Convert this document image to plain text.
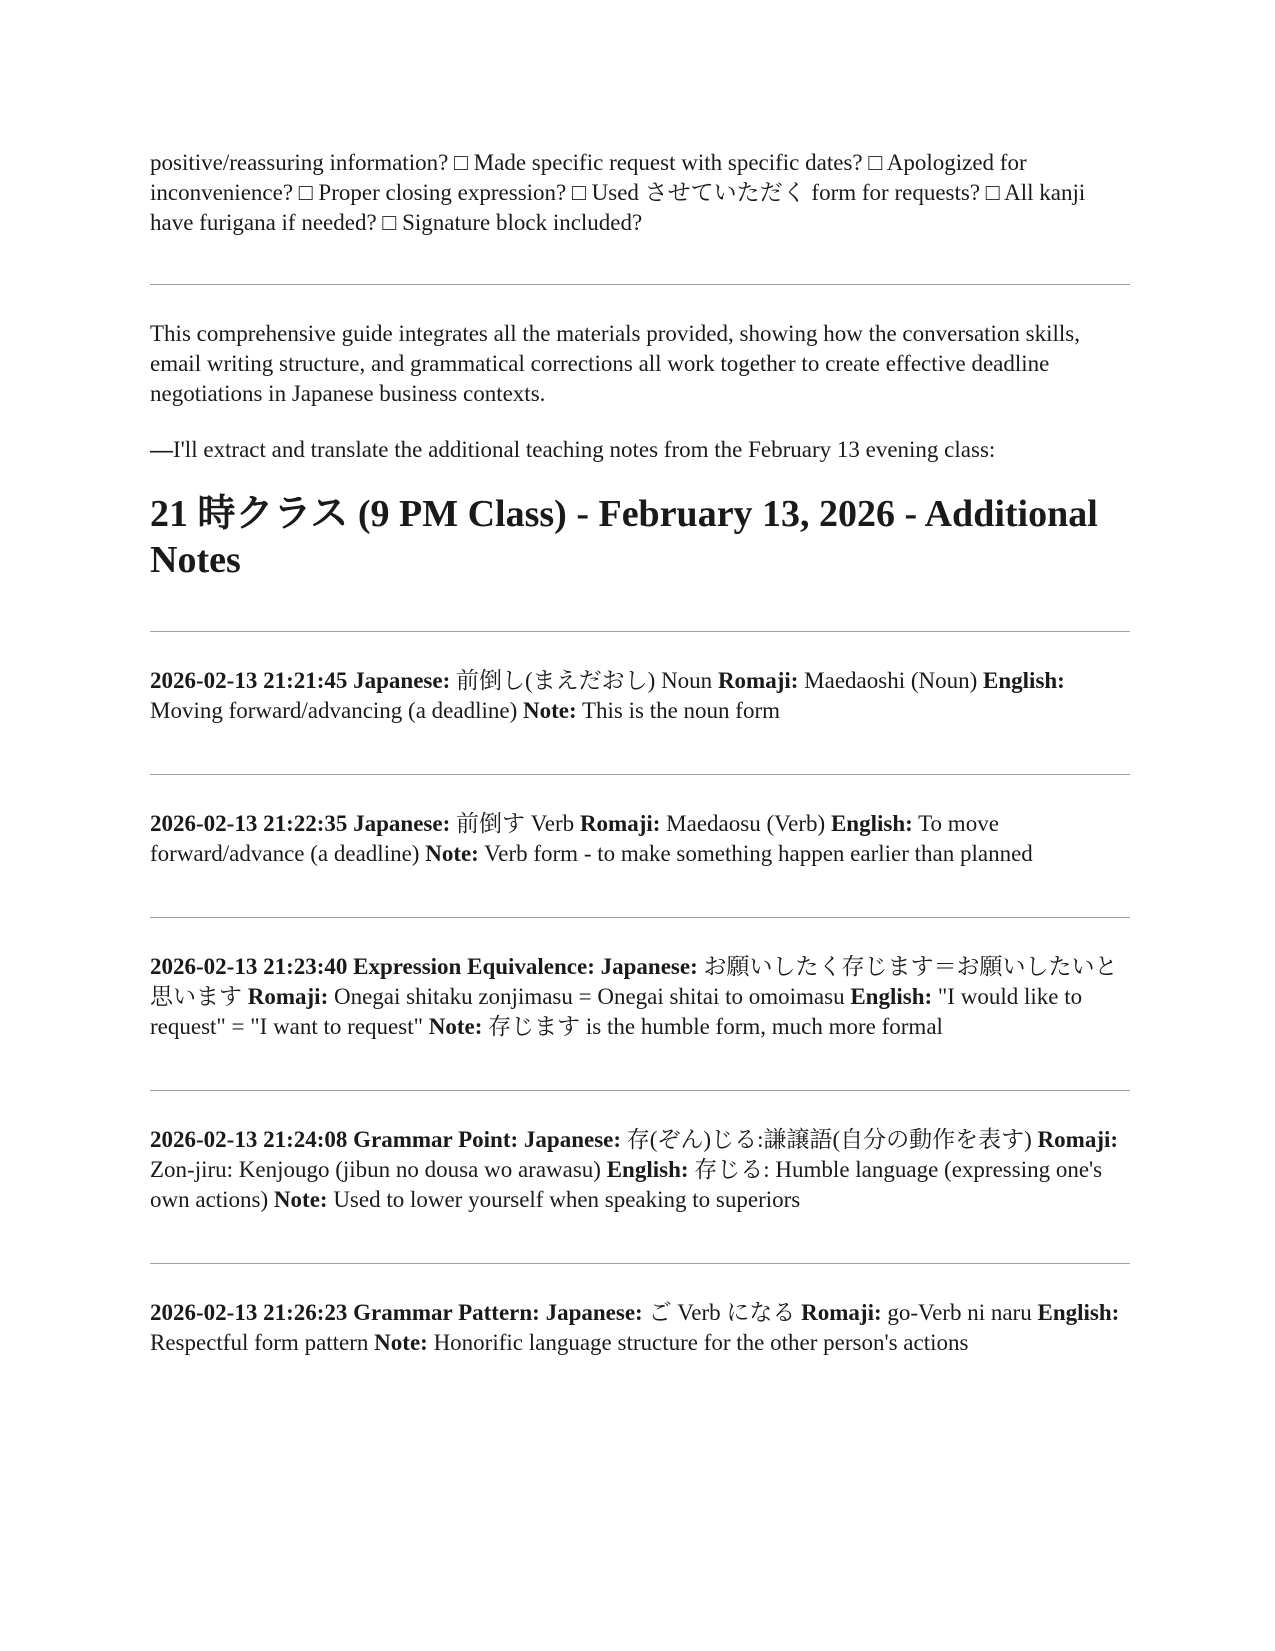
positive/reassuring information? □ Made specific request with specific dates? □ Apologized for inconvenience? □ Proper closing expression? □ Used させていただく form for requests? □ All kanji have furigana if needed? □ Signature block included?

This comprehensive guide integrates all the materials provided, showing how the conversation skills, email writing structure, and grammatical corrections all work together to create effective deadline negotiations in Japanese business contexts.

—I'll extract and translate the additional teaching notes from the February 13 evening class:

21 時クラス (9 PM Class) - February 13, 2026 - Additional Notes

2026-02-13 21:21:45 Japanese: 前倒し(まえだおし) Noun Romaji: Maedaoshi (Noun) English: Moving forward/advancing (a deadline) Note: This is the noun form

2026-02-13 21:22:35 Japanese: 前倒す Verb Romaji: Maedaosu (Verb) English: To move forward/advance (a deadline) Note: Verb form - to make something happen earlier than planned

2026-02-13 21:23:40 Expression Equivalence: Japanese: お願いしたく存じます＝お願いしたいと思います Romaji: Onegai shitaku zonjimasu = Onegai shitai to omoimasu English: "I would like to request" = "I want to request" Note: 存じます is the humble form, much more formal

2026-02-13 21:24:08 Grammar Point: Japanese: 存(ぞん)じる:謙譲語(自分の動作を表す) Romaji: Zon-jiru: Kenjougo (jibun no dousa wo arawasu) English: 存じる: Humble language (expressing one's own actions) Note: Used to lower yourself when speaking to superiors

2026-02-13 21:26:23 Grammar Pattern: Japanese: ご Verb になる Romaji: go-Verb ni naru English: Respectful form pattern Note: Honorific language structure for the other person's actions
